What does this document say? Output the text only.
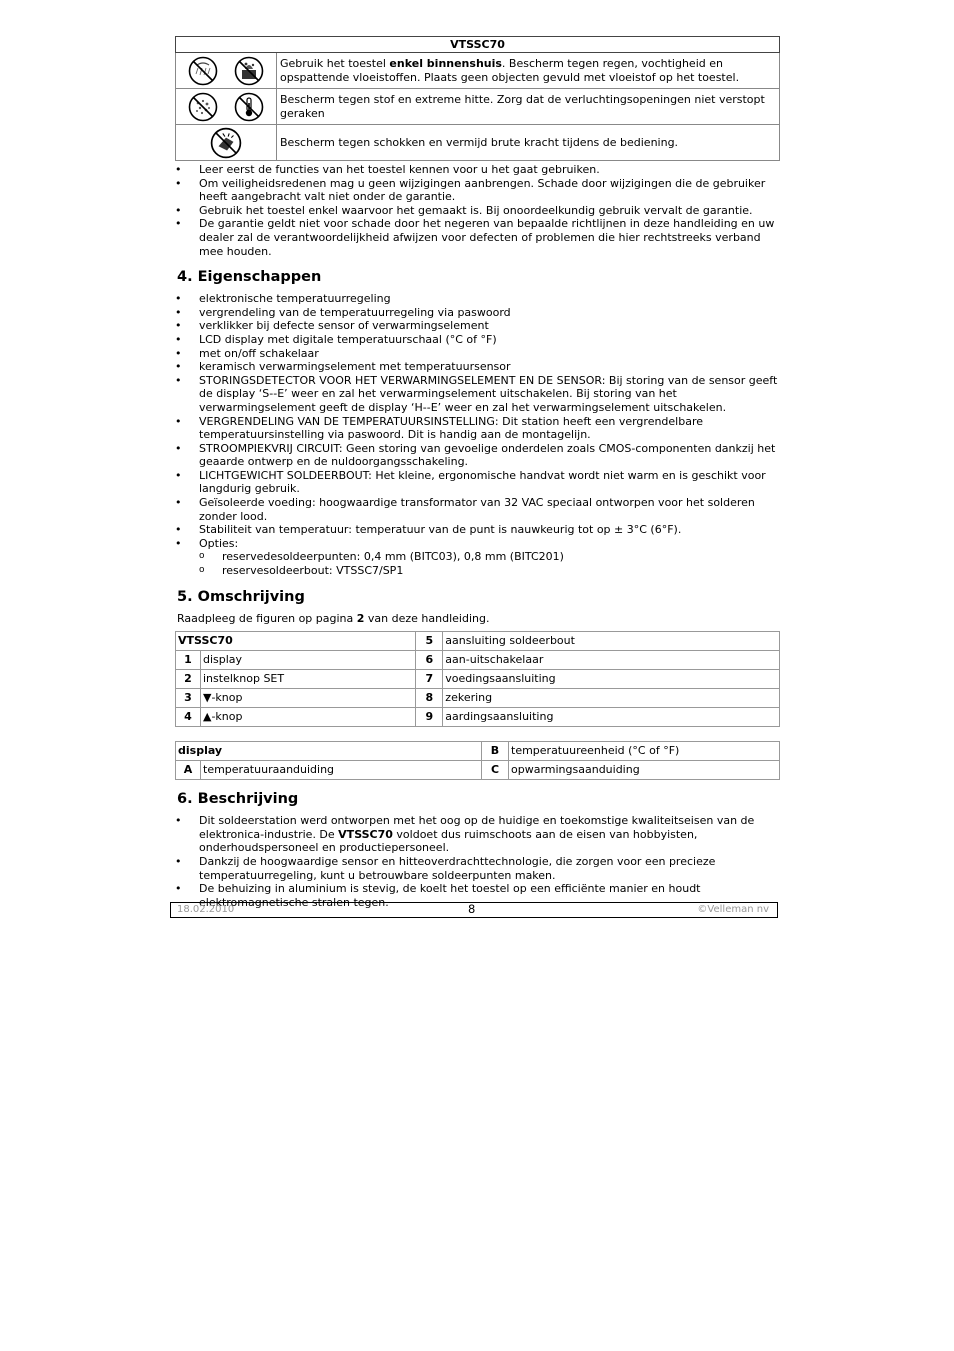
VTSSC70	
	Gebruik het toestel enkel binnenshuis. Bescherm tegen regen, vochtigheid en opspattende vloeistoffen. Plaats geen objecten gevuld met vloeistof op het toestel.
	Bescherm tegen stof en extreme hitte. Zorg dat de verluchtingsopeningen niet verstopt geraken
	Bescherm tegen schokken en vermijd brute kracht tijdens de bediening.
• Leer eerst de functies van het toestel kennen voor u het gaat gebruiken.
• Om veiligheidsredenen mag u geen wijzigingen aanbrengen. Schade door wijzigingen die de gebruiker heeft aangebracht valt niet onder de garantie.
• Gebruik het toestel enkel waarvoor het gemaakt is. Bij onoordeelkundig gebruik vervalt de garantie.
• De garantie geldt niet voor schade door het negeren van bepaalde richtlijnen in deze handleiding en uw dealer zal de verantwoordelijkheid afwijzen voor defecten of problemen die hier rechtstreeks verband mee houden.
4. Eigenschappen
• elektronische temperatuurregeling
• vergrendeling van de temperatuurregeling via paswoord
• verklikker bij defecte sensor of verwarmingselement
• LCD display met digitale temperatuurschaal (°C of °F)
• met on/off schakelaar
• keramisch verwarmingselement met temperatuursensor
• STORINGSDETECTOR VOOR HET VERWARMINGSELEMENT EN DE SENSOR: Bij storing van de sensor geeft de display ‘S--E’ weer en zal het verwarmingselement uitschakelen. Bij storing van het verwarmingselement geeft de display ‘H--E’ weer en zal het verwarmingselement uitschakelen.
• VERGRENDELING VAN DE TEMPERATUURSINSTELLING: Dit station heeft een vergrendelbare temperatuursinstelling via paswoord. Dit is handig aan de montagelijn.
• STROOMPIEKVRIJ CIRCUIT: Geen storing van gevoelige onderdelen zoals CMOS-componenten dankzij het geaarde ontwerp en de nuldoorgangsschakeling.
• LICHTGEWICHT SOLDEERBOUT: Het kleine, ergonomische handvat wordt niet warm en is geschikt voor langdurig gebruik.
• Geïsoleerde voeding: hoogwaardige transformator van 32 VAC speciaal ontworpen voor het solderen zonder lood.
• Stabiliteit van temperatuur: temperatuur van de punt is nauwkeurig tot op ± 3°C (6°F).
• Opties:
o reservedesoldeerpunten: 0,4 mm (BITC03), 0,8 mm (BITC201)
o reservesoldeerbout: VTSSC7/SP1
5. Omschrijving

Raadpleeg de figuren op pagina 2 van deze handleiding.

VTSSC70		5	aansluiting soldeerbout
1	display	6	aan-uitschakelaar
2	instelknop SET	7	voedingsaansluiting
3	▼-knop	8	zekering
4	▲-knop	9	aardingsaansluiting
display		B	temperatuureenheid (°C of °F)
A	temperatuuraanduiding	C	opwarmingsaanduiding
6. Beschrijving
• Dit soldeerstation werd ontworpen met het oog op de huidige en toekomstige kwaliteitseisen van de elektronica-industrie. De VTSSC70 voldoet dus ruimschoots aan de eisen van hobbyisten, onderhoudspersoneel en productiepersoneel.
• Dankzij de hoogwaardige sensor en hitteoverdrachttechnologie, die zorgen voor een precieze temperatuurregeling, kunt u betrouwbare soldeerpunten maken.
• De behuizing in aluminium is stevig, de koelt het toestel op een efficiënte manier en houdt elektromagnetische stralen tegen.
18.02.2010	8	©Velleman nv
